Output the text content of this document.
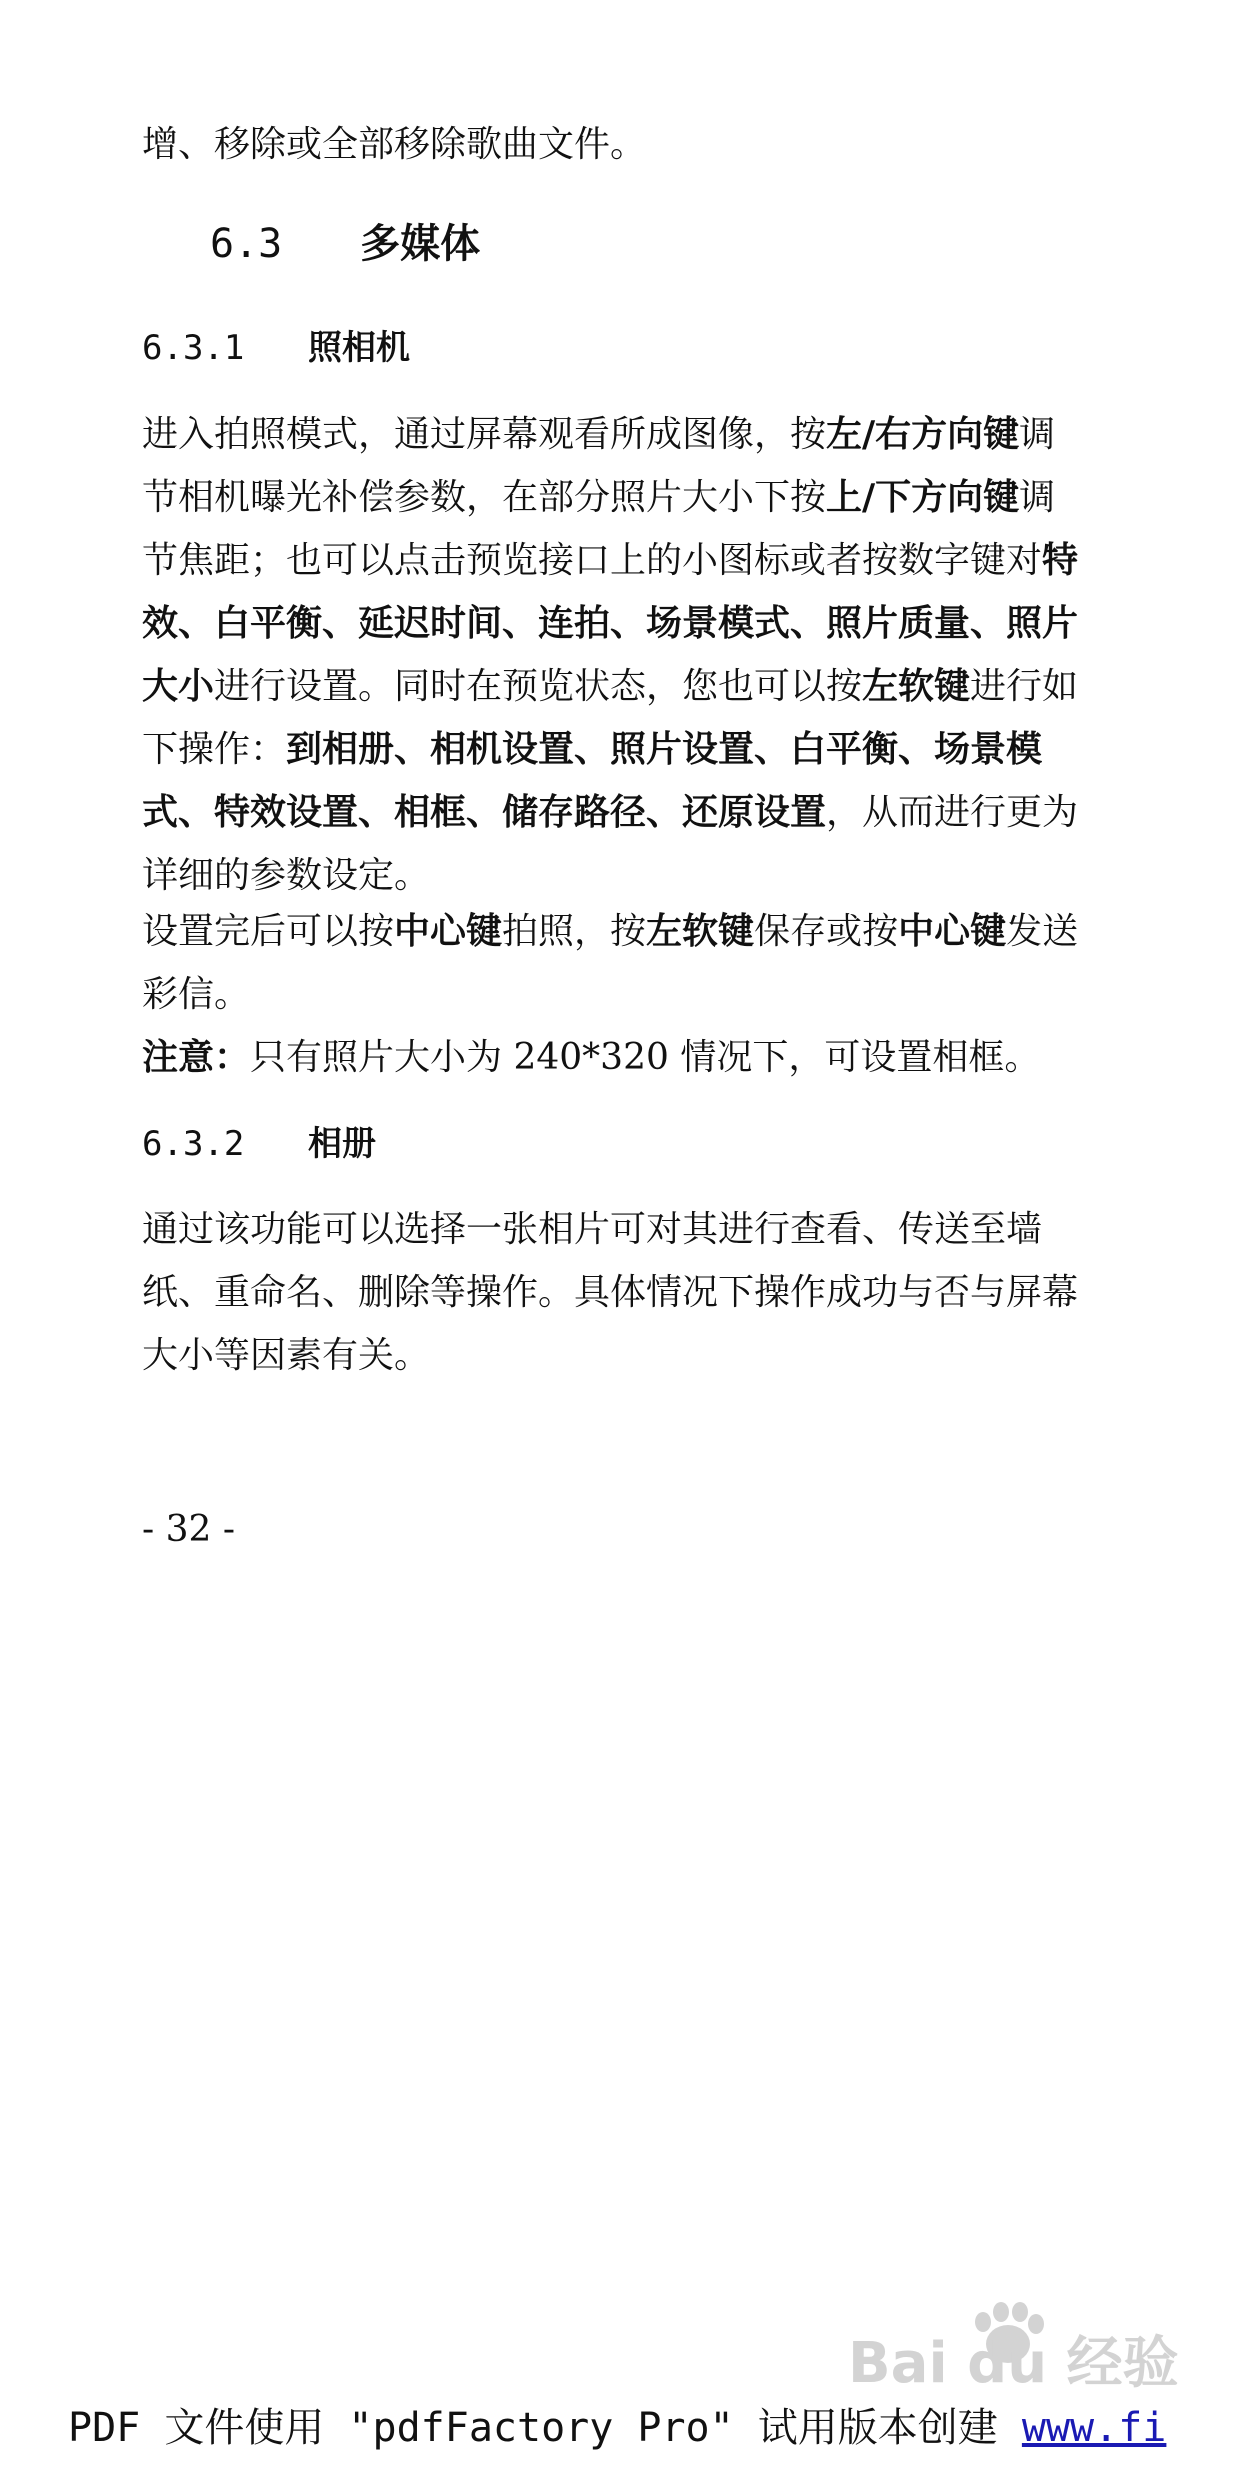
增、移除或全部移除歌曲文件。
6.3 多媒体
6.3.1 照相机
进入拍照模式，通过屏幕观看所成图像，按左/右方向键调节相机曝光补偿参数，在部分照片大小下按上/下方向键调节焦距；也可以点击预览接口上的小图标或者按数字键对特效、白平衡、延迟时间、连拍、场景模式、照片质量、照片大小进行设置。同时在预览状态，您也可以按左软键进行如下操作：到相册、相机设置、照片设置、白平衡、场景模式、特效设置、相框、储存路径、还原设置，从而进行更为详细的参数设定。
设置完后可以按中心键拍照，按左软键保存或按中心键发送彩信。
注意：只有照片大小为 240*320 情况下，可设置相框。
6.3.2 相册
通过该功能可以选择一张相片可对其进行查看、传送至墙纸、重命名、删除等操作。具体情况下操作成功与否与屏幕大小等因素有关。
- 32 -
Bai du 经验
PDF 文件使用 "pdfFactory Pro" 试用版本创建 www.fi
